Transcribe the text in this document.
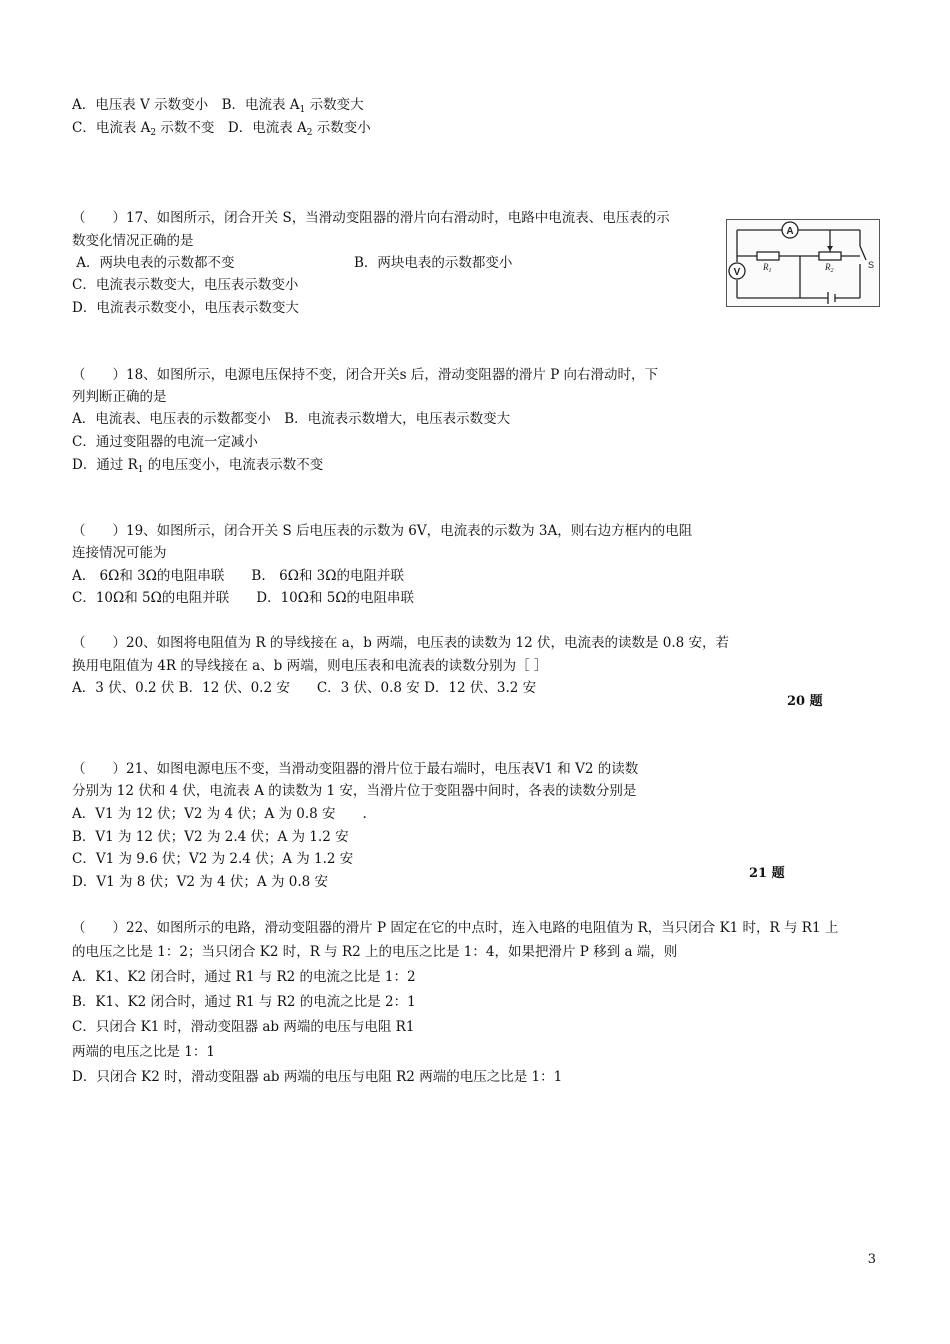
A．电压表 V 示数变小　B．电流表 $A_1$ 示数变大
C．电流表 $A_2$ 示数不变　D．电流表 $A_2$ 示数变小
（　　）17、如图所示，闭合开关 S，当滑动变阻器的滑片向右滑动时，电路中电流表、电压表的示
数变化情况正确的是
A．两块电表的示数都不变	B．两块电表的示数都变小
C．电流表示数变大，电压表示数变小
D．电流表示数变小，电压表示数变大
A
V	$R_1$	$R_2$
S
（　　）18、如图所示，电源电压保持不变，闭合开关s 后，滑动变阻器的滑片 P 向右滑动时，下
列判断正确的是
A．电流表、电压表的示数都变小　B．电流表示数增大，电压表示数变大
C．通过变阻器的电流一定减小
D．通过 $R_1$ 的电压变小，电流表示数不变
（　　）19、如图所示，闭合开关 S 后电压表的示数为 6V，电流表的示数为 3A，则右边方框内的电阻
连接情况可能为
A.　6Ω和 3Ω的电阻串联　　B.　6Ω和 3Ω的电阻并联
C．10Ω和 5Ω的电阻并联　　D．10Ω和 5Ω的电阻串联
（　　）20、如图将电阻值为 R 的导线接在 a，b 两端，电压表的读数为 12 伏，电流表的读数是 0.8 安，若
换用电阻值为 4R 的导线接在 a、b 两端，则电压表和电流表的读数分别为［ ］
A．3 伏、0.2 伏 B．12 伏、0.2 安　　C．3 伏、0.8 安 D．12 伏、3.2 安
20 题
（　　）21、如图电源电压不变，当滑动变阻器的滑片位于最右端时，电压表V1 和 V2 的读数
分别为 12 伏和 4 伏，电流表 A 的读数为 1 安，当滑片位于变阻器中间时，各表的读数分别是
A．V1 为 12 伏；V2 为 4 伏；A 为 0.8 安　　.
B．V1 为 12 伏；V2 为 2.4 伏；A 为 1.2 安
C．V1 为 9.6 伏；V2 为 2.4 伏；A 为 1.2 安
D．V1 为 8 伏；V2 为 4 伏；A 为 0.8 安
21 题
（　　）22、如图所示的电路，滑动变阻器的滑片 P 固定在它的中点时，连入电路的电阻值为 R，当只闭合 K1 时，R 与 R1 上
的电压之比是 1：2；当只闭合 K2 时，R 与 R2 上的电压之比是 1：4，如果把滑片 P 移到 a 端，则
A．K1、K2 闭合时，通过 R1 与 R2 的电流之比是 1：2
B．K1、K2 闭合时，通过 R1 与 R2 的电流之比是 2：1
C．只闭合 K1 时，滑动变阻器 ab 两端的电压与电阻 R1
两端的电压之比是 1：1
D．只闭合 K2 时，滑动变阻器 ab 两端的电压与电阻 R2 两端的电压之比是 1：1
3
